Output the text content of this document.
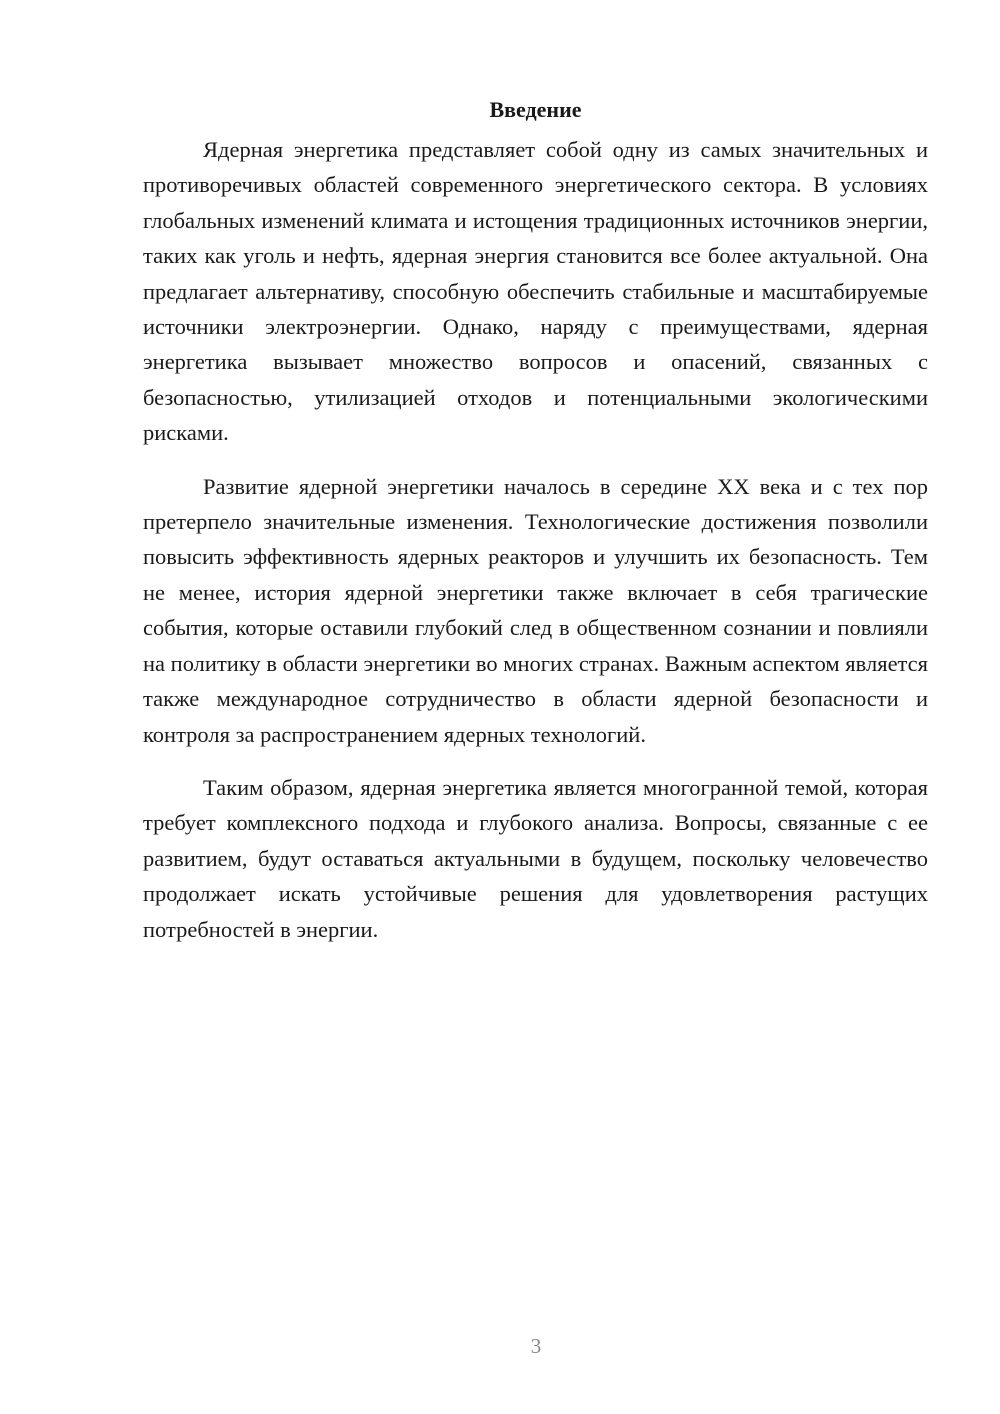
Введение

Ядерная энергетика представляет собой одну из самых значительных и противоречивых областей современного энергетического сектора. В условиях глобальных изменений климата и истощения традиционных источников энергии, таких как уголь и нефть, ядерная энергия становится все более актуальной. Она предлагает альтернативу, способную обеспечить стабильные и масштабируемые источники электроэнергии. Однако, наряду с преимуществами, ядерная энергетика вызывает множество вопросов и опасений, связанных с безопасностью, утилизацией отходов и потенциальными экологическими рисками.

Развитие ядерной энергетики началось в середине XX века и с тех пор претерпело значительные изменения. Технологические достижения позволили повысить эффективность ядерных реакторов и улучшить их безопасность. Тем не менее, история ядерной энергетики также включает в себя трагические события, которые оставили глубокий след в общественном сознании и повлияли на политику в области энергетики во многих странах. Важным аспектом является также международное сотрудничество в области ядерной безопасности и контроля за распространением ядерных технологий.

Таким образом, ядерная энергетика является многогранной темой, которая требует комплексного подхода и глубокого анализа. Вопросы, связанные с ее развитием, будут оставаться актуальными в будущем, поскольку человечество продолжает искать устойчивые решения для удовлетворения растущих потребностей в энергии.

3
